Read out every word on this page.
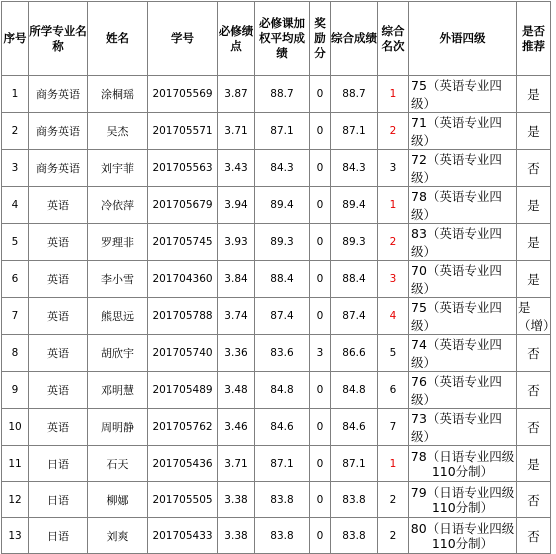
序号	所学专业名称	姓名	学号	必修绩点	必修课加权平均成绩	奖励分	综合成绩	综合名次	外语四级	是否推荐
1	商务英语	涂桐瑶	201705569	3.87	88.7	0	88.7	1	75（英语专业四级）	是
2	商务英语	吴杰	201705571	3.71	87.1	0	87.1	2	71（英语专业四级）	是
3	商务英语	刘宇菲	201705563	3.43	84.3	0	84.3	3	72（英语专业四级）	否
4	英语	冷依萍	201705679	3.94	89.4	0	89.4	1	78（英语专业四级）	是
5	英语	罗理非	201705745	3.93	89.3	0	89.3	2	83（英语专业四级）	是
6	英语	李小雪	201704360	3.84	88.4	0	88.4	3	70（英语专业四级）	是
7	英语	熊思远	201705788	3.74	87.4	0	87.4	4	75（英语专业四级）	是（增）
8	英语	胡欣宇	201705740	3.36	83.6	3	86.6	5	74（英语专业四级）	否
9	英语	邓明慧	201705489	3.48	84.8	0	84.8	6	76（英语专业四级）	否
10	英语	周明静	201705762	3.46	84.6	0	84.6	7	73（英语专业四级）	否
11	日语	石天	201705436	3.71	87.1	0	87.1	1	78（日语专业四级110分制）	是
12	日语	柳娜	201705505	3.38	83.8	0	83.8	2	79（日语专业四级110分制）	否
13	日语	刘爽	201705433	3.38	83.8	0	83.8	2	80（日语专业四级110分制）	否
